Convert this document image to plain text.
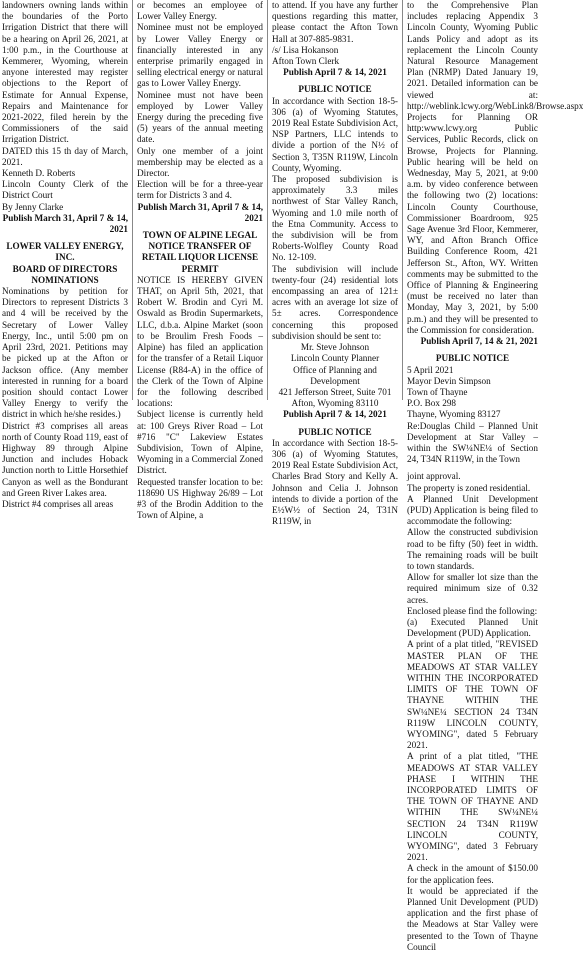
landowners owning lands within the boundaries of the Porto Irrigation District that there will be a hearing on April 26, 2021, at 1:00 p.m., in the Courthouse at Kemmerer, Wyoming, wherein anyone interested may register objections to the Report of Estimate for Annual Expense, Repairs and Maintenance for 2021-2022, filed herein by the Commissioners of the said Irrigation District.

DATED this 15 th day of March, 2021.

Kenneth D. Roberts
Lincoln County Clerk of the District Court
By Jenny Clarke

Publish March 31, April 7 & 14, 2021

LOWER VALLEY ENERGY, INC.

BOARD OF DIRECTORS NOMINATIONS

Nominations by petition for Directors to represent Districts 3 and 4 will be received by the Secretary of Lower Valley Energy, Inc., until 5:00 pm on April 23rd, 2021. Petitions may be picked up at the Afton or Jackson office. (Any member interested in running for a board position should contact Lower Valley Energy to verify the district in which he/she resides.)

District #3 comprises all areas north of County Road 119, east of Highway 89 through Alpine Junction and includes Hoback Junction north to Little Horsethief Canyon as well as the Bondurant and Green River Lakes area.

District #4 comprises all areas

or becomes an employee of Lower Valley Energy.

Nominee must not be employed by Lower Valley Energy or financially interested in any enterprise primarily engaged in selling electrical energy or natural gas to Lower Valley Energy.

Nominee must not have been employed by Lower Valley Energy during the preceding five (5) years of the annual meeting date.

Only one member of a joint membership may be elected as a Director.

Election will be for a three-year term for Districts 3 and 4.

Publish March 31, April 7 & 14, 2021

TOWN OF ALPINE LEGAL NOTICE TRANSFER OF RETAIL LIQUOR LICENSE PERMIT

NOTICE IS HEREBY GIVEN THAT, on April 5th, 2021, that Robert W. Brodin and Cyri M. Oswald as Brodin Supermarkets, LLC, d.b.a. Alpine Market (soon to be Broulim Fresh Foods – Alpine) has filed an application for the transfer of a Retail Liquor License (R84-A) in the office of the Clerk of the Town of Alpine for the following described locations:

Subject license is currently held at: 100 Greys River Road – Lot #716 "C" Lakeview Estates Subdivision, Town of Alpine, Wyoming in a Commercial Zoned District.

Requested transfer location to be: 118690 US Highway 26/89 – Lot #3 of the Brodin Addition to the Town of Alpine, a

to attend. If you have any further questions regarding this matter, please contact the Afton Town Hall at 307-885-9831.

/s/ Lisa Hokanson
Afton Town Clerk

Publish April 7 & 14, 2021

PUBLIC NOTICE

In accordance with Section 18-5-306 (a) of Wyoming Statutes, 2019 Real Estate Subdivision Act, NSP Partners, LLC intends to divide a portion of the N½ of Section 3, T35N R119W, Lincoln County, Wyoming.

The proposed subdivision is approximately 3.3 miles northwest of Star Valley Ranch, Wyoming and 1.0 mile north of the Etna Community. Access to the subdivision will be from Roberts-Wolfley County Road No. 12-109.

The subdivision will include twenty-four (24) residential lots encompassing an area of 121± acres with an average lot size of 5± acres. Correspondence concerning this proposed subdivision should be sent to:

Mr. Steve Johnson
Lincoln County Planner
Office of Planning and Development
421 Jefferson Street, Suite 701
Afton, Wyoming 83110

Publish April 7 & 14, 2021

PUBLIC NOTICE

In accordance with Section 18-5-306 (a) of Wyoming Statutes, 2019 Real Estate Subdivision Act, Charles Brad Story and Kelly A. Johnson and Celia J. Johnson intends to divide a portion of the E½W½ of Section 24, T31N R119W, in

to the Comprehensive Plan includes replacing Appendix 3 Lincoln County, Wyoming Public Lands Policy and adopt as its replacement the Lincoln County Natural Resource Management Plan (NRMP) Dated January 19, 2021. Detailed information can be viewed at: http://weblink.lcwy.org/WebLink8/Browse.aspx Projects for Planning OR http:www.lcwy.org Public Services, Public Records, click on Browse, Projects for Planning. Public hearing will be held on Wednesday, May 5, 2021, at 9:00 a.m. by video conference between the following two (2) locations: Lincoln County Courthouse, Commissioner Boardroom, 925 Sage Avenue 3rd Floor, Kemmerer, WY, and Afton Branch Office Building Conference Room, 421 Jefferson St., Afton, WY. Written comments may be submitted to the Office of Planning & Engineering (must be received no later than Monday, May 3, 2021, by 5:00 p.m.) and they will be presented to the Commission for consideration.

Publish April 7, 14 & 21, 2021

PUBLIC NOTICE

5 April 2021
Mayor Devin Simpson
Town of Thayne
P.O. Box 298
Thayne, Wyoming 83127

Re:Douglas Child – Planned Unit Development at Star Valley – within the SW¼NE¼ of Section 24, T34N R119W, in the Town

joint approval.

The property is zoned residential.

A Planned Unit Development (PUD) Application is being filed to accommodate the following:

Allow the constructed subdivision road to be fifty (50) feet in width. The remaining roads will be built to town standards.

Allow for smaller lot size than the required minimum size of 0.32 acres.

Enclosed please find the following:

(a) Executed Planned Unit Development (PUD) Application.

A print of a plat titled, "REVISED MASTER PLAN OF THE MEADOWS AT STAR VALLEY WITHIN THE INCORPORATED LIMITS OF THE TOWN OF THAYNE WITHIN THE SW¼NE¼ SECTION 24 T34N R119W LINCOLN COUNTY, WYOMING", dated 5 February 2021.

A print of a plat titled, "THE MEADOWS AT STAR VALLEY PHASE I WITHIN THE INCORPORATED LIMITS OF THE TOWN OF THAYNE AND WITHIN THE SW¼NE¼ SECTION 24 T34N R119W LINCOLN COUNTY, WYOMING", dated 3 February 2021.

A check in the amount of $150.00 for the application fees.

It would be appreciated if the Planned Unit Development (PUD) application and the first phase of the Meadows at Star Valley were presented to the Town of Thayne Council
